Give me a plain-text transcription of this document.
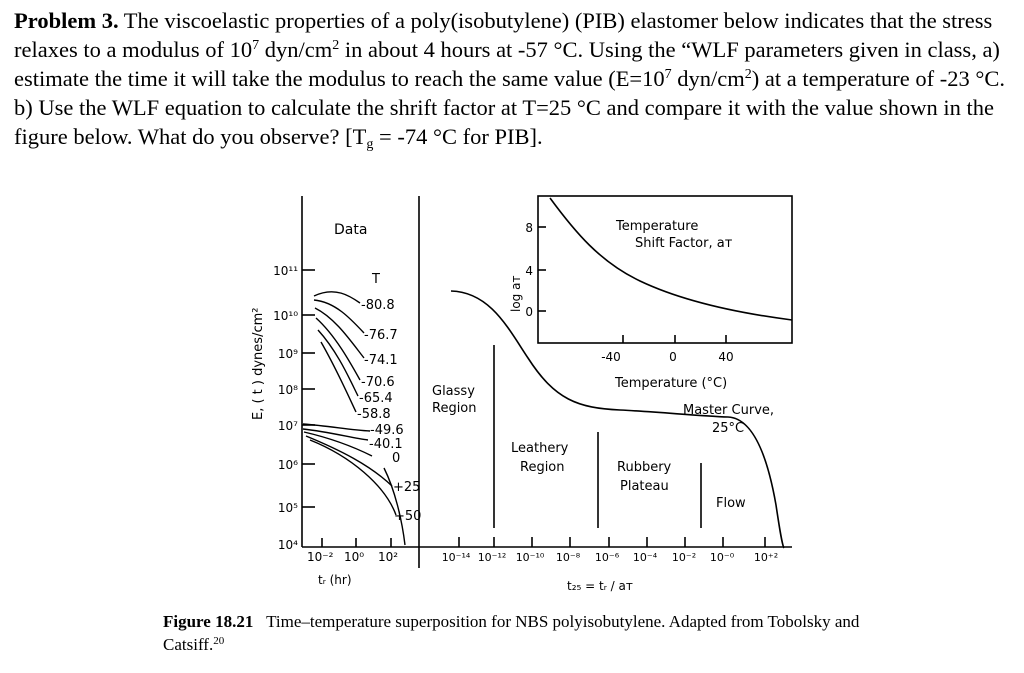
Problem 3. The viscoelastic properties of a poly(isobutylene) (PIB) elastomer below indicates that the stress relaxes to a modulus of $10^7$ dyn/$cm^2$ in about 4 hours at -57 °C. Using the “WLF parameters given in class, a) estimate the time it will take the modulus to reach the same value ($E=10^7$ dyn/$cm^2$) at a temperature of -23 °C. b) Use the WLF equation to calculate the shrift factor at T=25 °C and compare it with the value shown in the figure below. What do you observe? [$T_g = -74$ °C for PIB].
Data
E, ( t ) dynes/cm²
10¹¹
10¹⁰
10⁹
10⁸
10⁷
10⁶
10⁵
10⁴
10⁻² 10⁰ 10²
tᵣ (hr)
T
-80.8
-76.7
-74.1
-70.6
-65.4
-58.8
-49.6
-40.1
0
+25
+50
10⁻¹⁴ 10⁻¹² 10⁻¹⁰ 10⁻⁸ 10⁻⁶ 10⁻⁴ 10⁻² 10⁻⁰ 10⁺²
t₂₅ = tᵣ / aᴛ
Glassy
Region
Leathery
Region	Rubbery
Plateau
Flow
Master Curve,
25°C
Temperature
Shift Factor, aᴛ
log aᴛ
8
4
0
-40	0	40
Temperature (°C)
Figure 18.21 Time–temperature superposition for NBS polyisobutylene. Adapted from Tobolsky and Catsiff.$^{20}$
